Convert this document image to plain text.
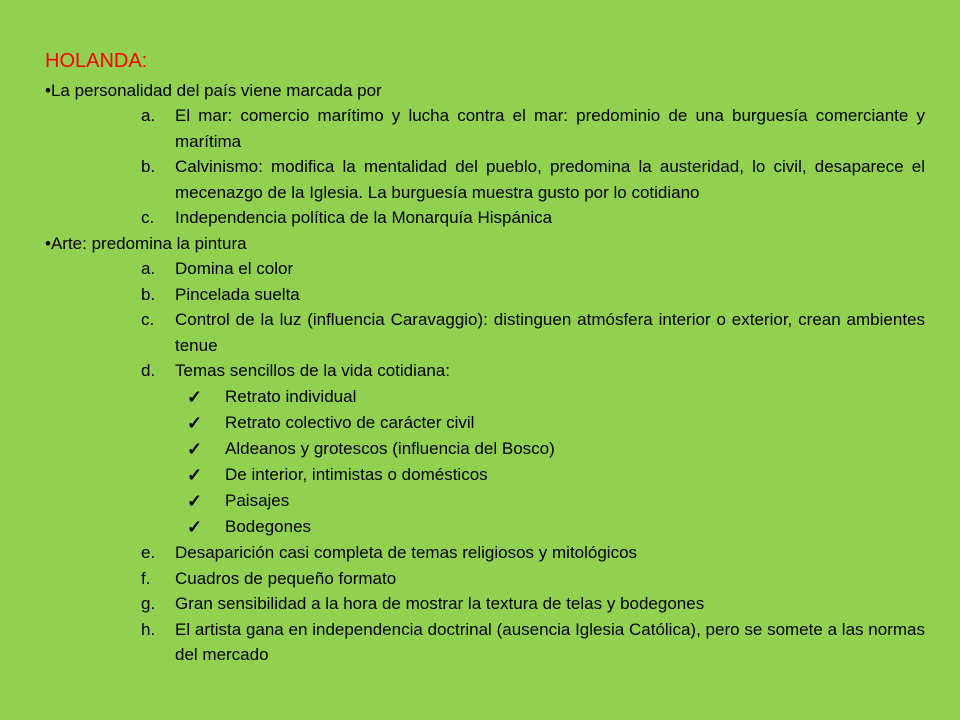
HOLANDA:

•La personalidad del país viene marcada por

a. El mar: comercio marítimo y lucha contra el mar: predominio de una burguesía comerciante y marítima
b. Calvinismo: modifica la mentalidad del pueblo, predomina la austeridad, lo civil, desaparece el mecenazgo de la Iglesia. La burguesía muestra gusto por lo cotidiano
c. Independencia política de la Monarquía Hispánica

•Arte: predomina la pintura

a. Domina el color
b. Pincelada suelta
c. Control de la luz (influencia Caravaggio): distinguen atmósfera interior o exterior, crean ambientes tenue
d. Temas sencillos de la vida cotidiana:
✓ Retrato individual
✓ Retrato colectivo de carácter civil
✓ Aldeanos y grotescos (influencia del Bosco)
✓ De interior, intimistas o domésticos
✓ Paisajes
✓ Bodegones
e. Desaparición casi completa de temas religiosos y mitológicos
f. Cuadros de pequeño formato
g. Gran sensibilidad a la hora de mostrar la textura de telas y bodegones
h. El artista gana en independencia doctrinal (ausencia Iglesia Católica), pero se somete a las normas del mercado
